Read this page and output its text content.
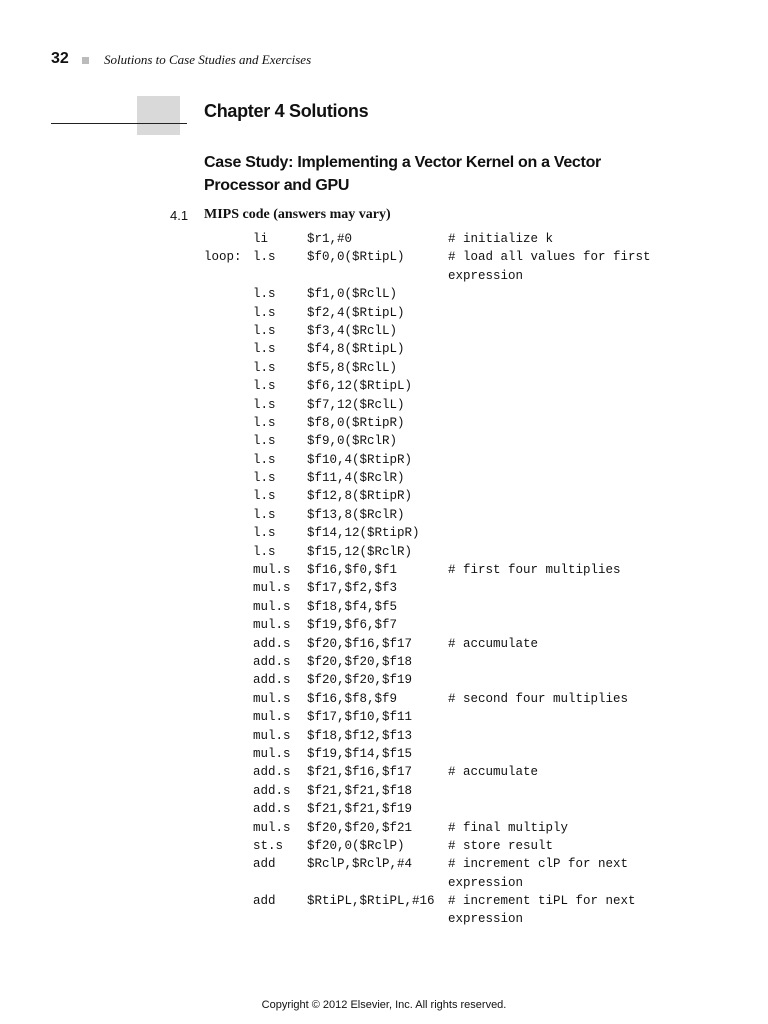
32	Solutions to Case Studies and Exercises
Chapter 4 Solutions
Case Study: Implementing a Vector Kernel on a Vector Processor and GPU
4.1 MIPS code (answers may vary)
li	$r1,#0	# initialize k
loop: l.s	$f0,0($RtipL)	# load all values for first
expression
l.s	$f1,0($RclL)
l.s	$f2,4($RtipL)
l.s	$f3,4($RclL)
l.s	$f4,8($RtipL)
l.s	$f5,8($RclL)
l.s	$f6,12($RtipL)
l.s	$f7,12($RclL)
l.s	$f8,0($RtipR)
l.s	$f9,0($RclR)
l.s	$f10,4($RtipR)
l.s	$f11,4($RclR)
l.s	$f12,8($RtipR)
l.s	$f13,8($RclR)
l.s	$f14,12($RtipR)
l.s	$f15,12($RclR)
mul.s $f16,$f0,$f1	# first four multiplies
mul.s $f17,$f2,$f3
mul.s $f18,$f4,$f5
mul.s $f19,$f6,$f7
add.s $f20,$f16,$f17	# accumulate
add.s $f20,$f20,$f18
add.s $f20,$f20,$f19
mul.s $f16,$f8,$f9	# second four multiplies
mul.s $f17,$f10,$f11
mul.s $f18,$f12,$f13
mul.s $f19,$f14,$f15
add.s $f21,$f16,$f17	# accumulate
add.s $f21,$f21,$f18
add.s $f21,$f21,$f19
mul.s $f20,$f20,$f21	# final multiply
st.s $f20,0($RclP)	# store result
add	$RclP,$RclP,#4	# increment clP for next
expression
add	$RtiPL,$RtiPL,#16 # increment tiPL for next
expression
Copyright © 2012 Elsevier, Inc. All rights reserved.
